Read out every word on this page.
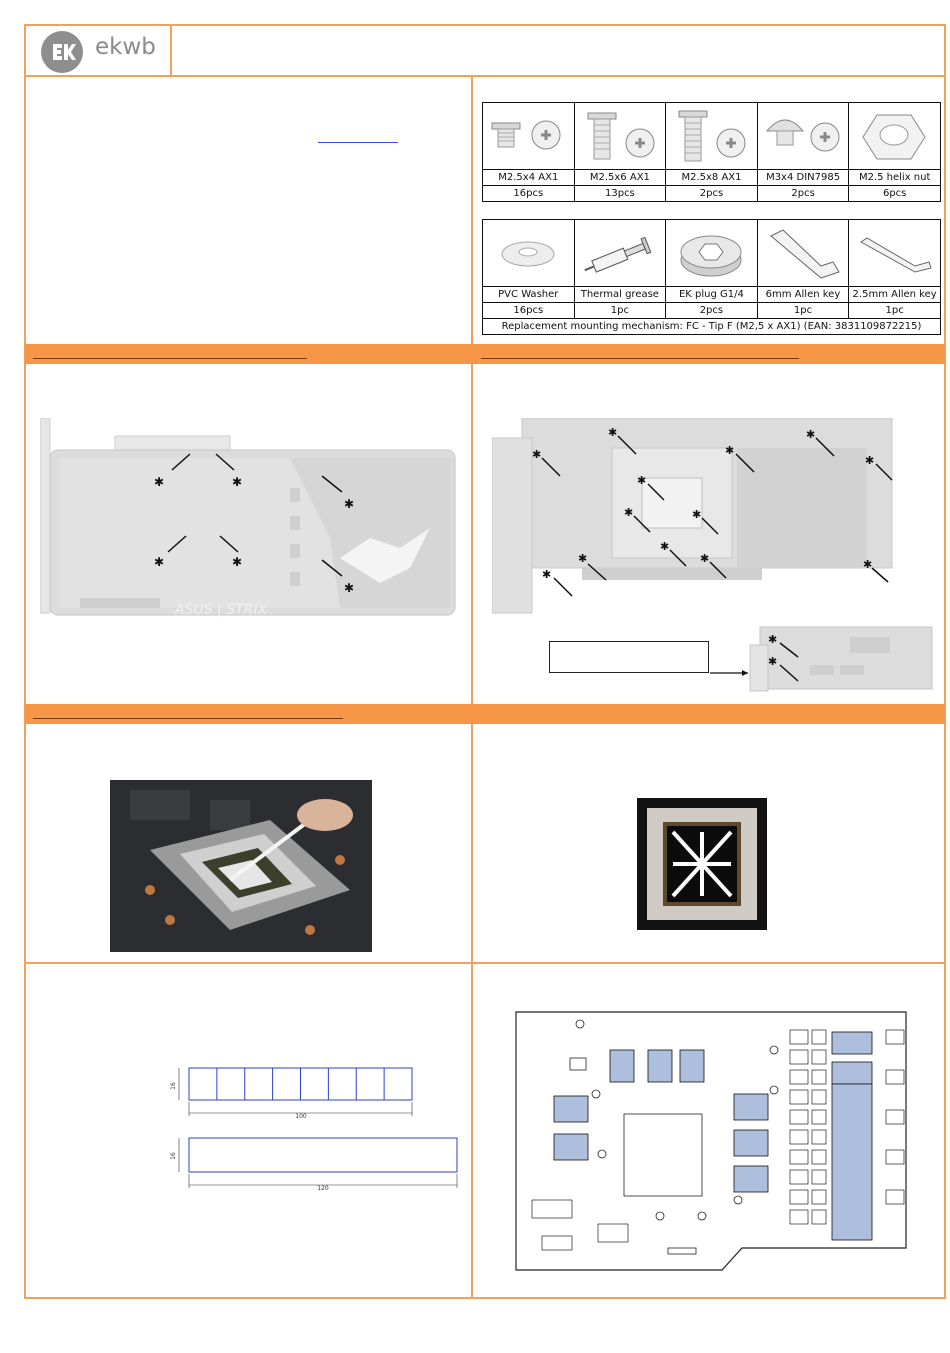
ekwb

M2.5x4 AX1	M2.5x6 AX1	M2.5x8 AX1	M3x4 DIN7985	M2.5 helix nut
16pcs	13pcs	2pcs	2pcs	6pcs

PVC Washer	Thermal grease	EK plug G1/4	6mm Allen key	2.5mm Allen key
16pcs	1pc	2pcs	1pc	1pc
Replacement mounting mechanism: FC - Tip F (M2,5 x AX1) (EAN: 3831109872215)				
ASUS | STRIX
✱	✱
✱	✱
✱
✱
✱
✱
✱
✱
✱
✱
✱	✱
✱
✱
✱
✱
✱
✱
✱
100
16
120
16
